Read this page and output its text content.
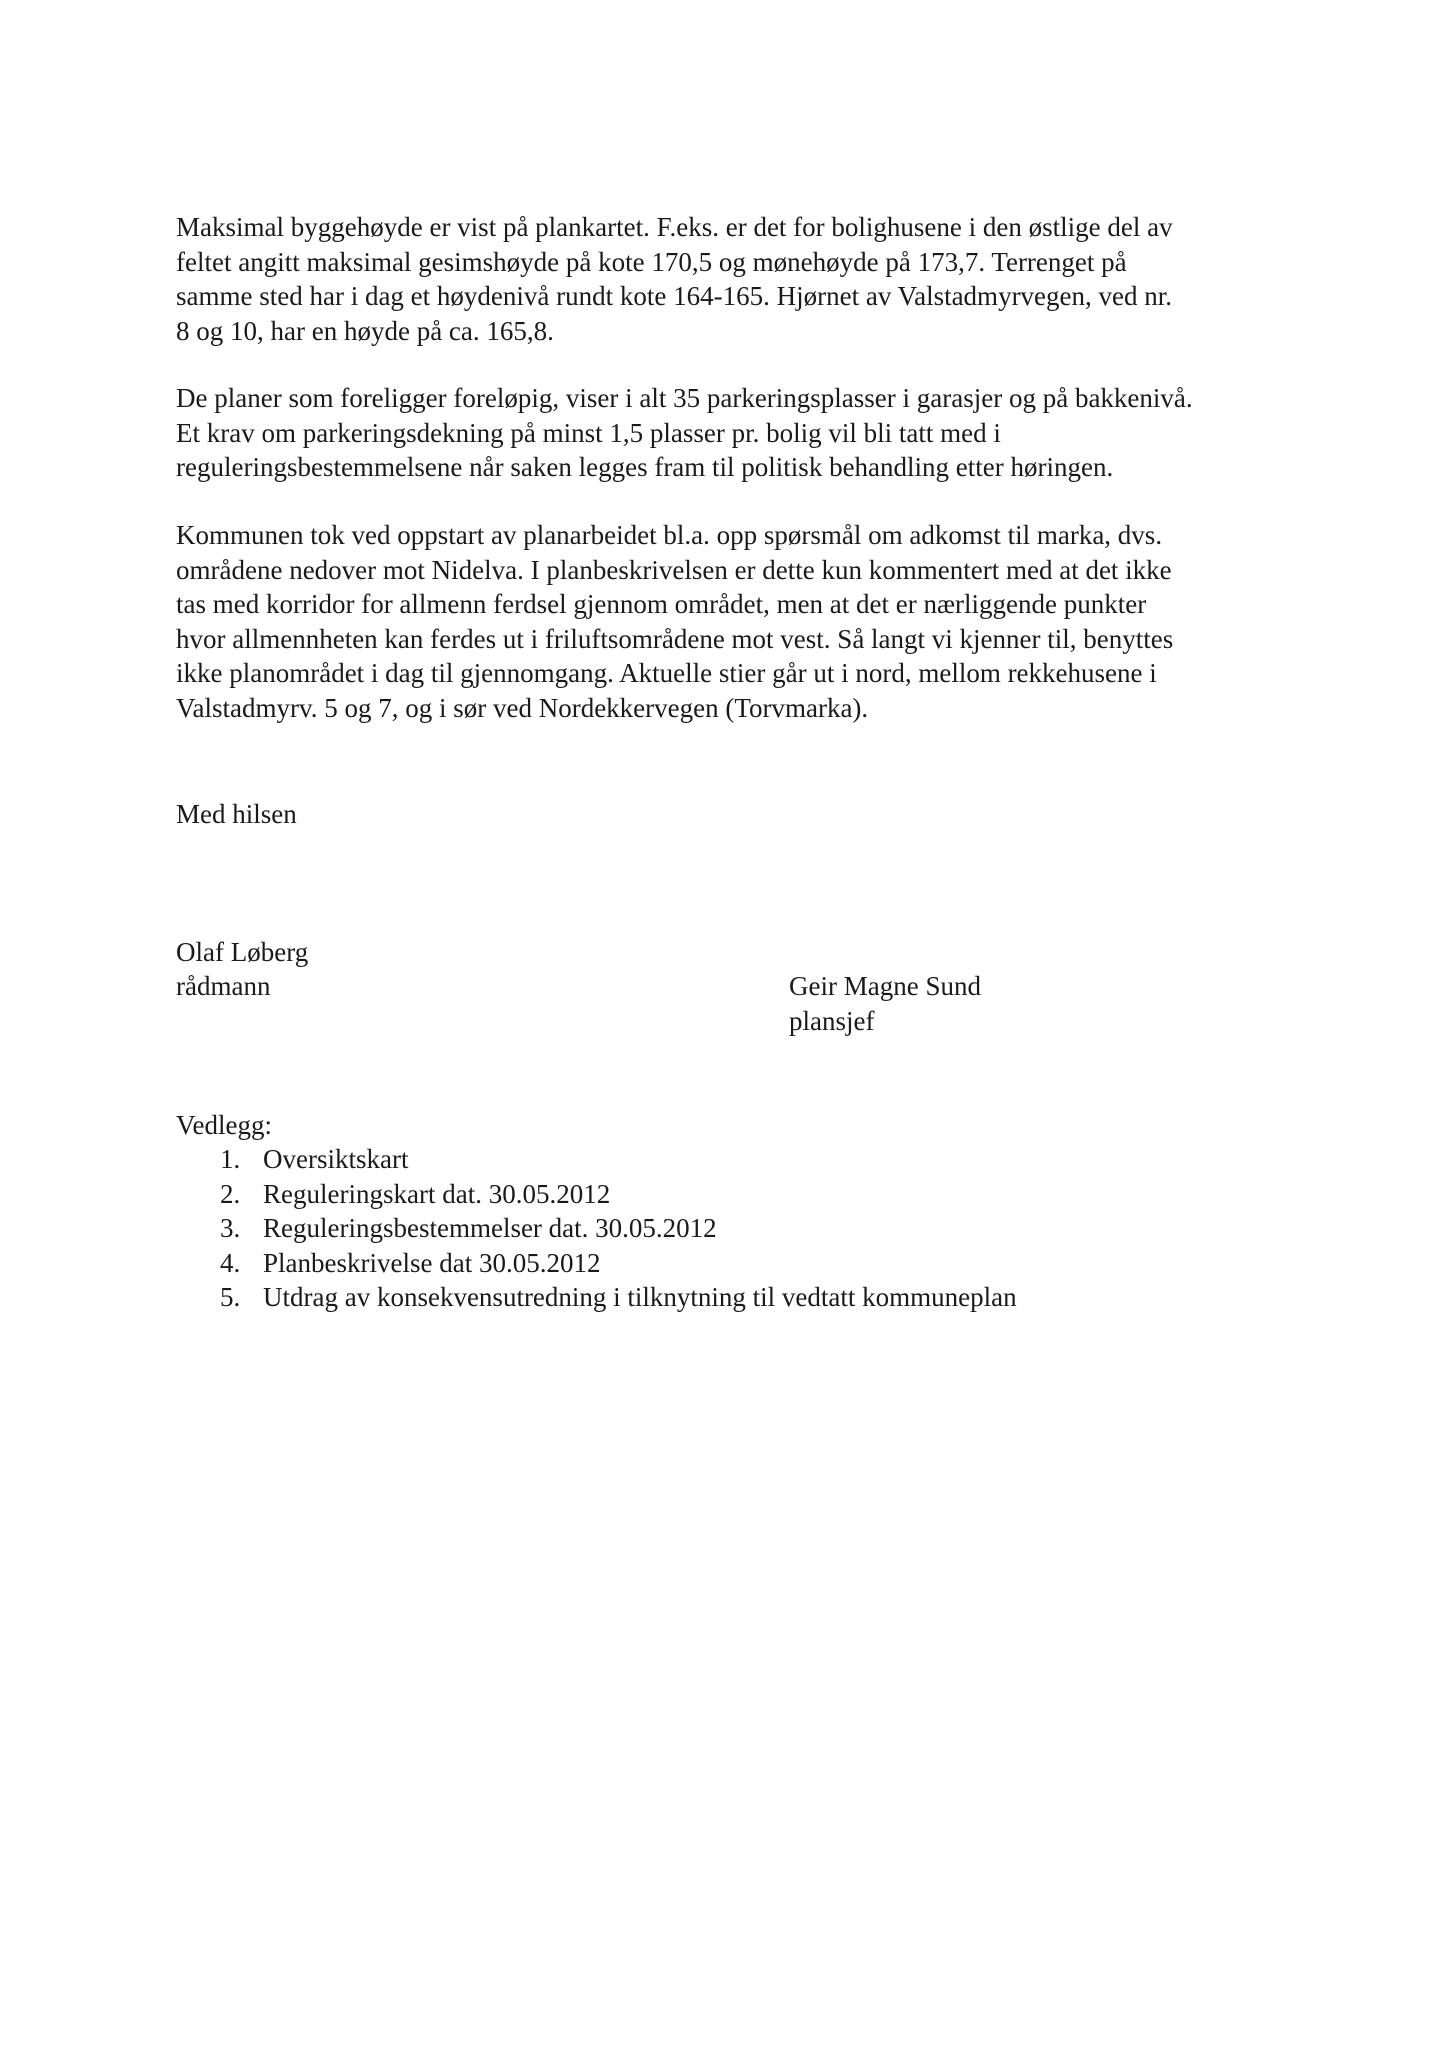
Maksimal byggehøyde er vist på plankartet. F.eks. er det for bolighusene i den østlige del av
feltet angitt maksimal gesimshøyde på kote 170,5 og mønehøyde på 173,7. Terrenget på
samme sted har i dag et høydenivå rundt kote 164-165. Hjørnet av Valstadmyrvegen, ved nr.
8 og 10, har en høyde på ca. 165,8.

De planer som foreligger foreløpig, viser i alt 35 parkeringsplasser i garasjer og på bakkenivå.
Et krav om parkeringsdekning på minst 1,5 plasser pr. bolig vil bli tatt med i
reguleringsbestemmelsene når saken legges fram til politisk behandling etter høringen.

Kommunen tok ved oppstart av planarbeidet bl.a. opp spørsmål om adkomst til marka, dvs.
områdene nedover mot Nidelva. I planbeskrivelsen er dette kun kommentert med at det ikke
tas med korridor for allmenn ferdsel gjennom området, men at det er nærliggende punkter
hvor allmennheten kan ferdes ut i friluftsområdene mot vest. Så langt vi kjenner til, benyttes
ikke planområdet i dag til gjennomgang. Aktuelle stier går ut i nord, mellom rekkehusene i
Valstadmyrv. 5 og 7, og i sør ved Nordekkervegen (Torvmarka).

Med hilsen

Olaf Løberg

rådmann	Geir Magne Sund

plansjef

Vedlegg:

1. Oversiktskart
2. Reguleringskart dat. 30.05.2012
3. Reguleringsbestemmelser dat. 30.05.2012
4. Planbeskrivelse dat 30.05.2012
5. Utdrag av konsekvensutredning i tilknytning til vedtatt kommuneplan
